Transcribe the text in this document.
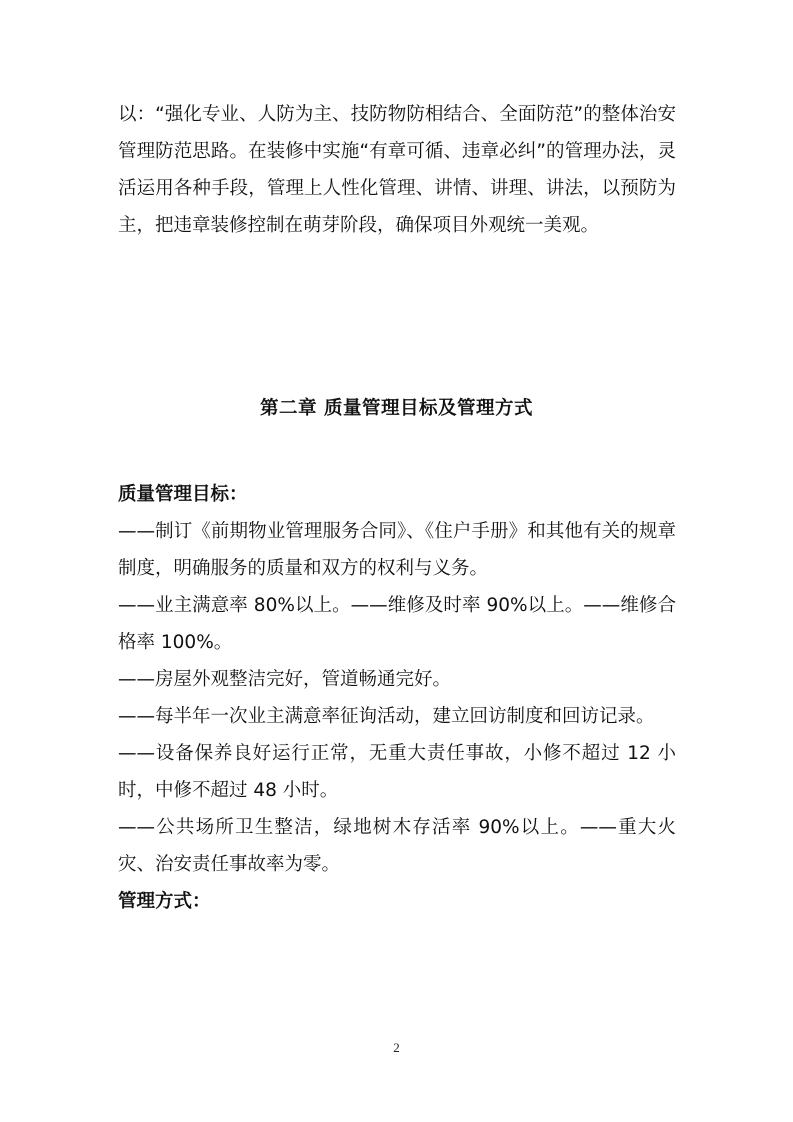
以：“强化专业、人防为主、技防物防相结合、全面防范”的整体治安管理防范思路。在装修中实施“有章可循、违章必纠”的管理办法，灵活运用各种手段，管理上人性化管理、讲情、讲理、讲法，以预防为主，把违章装修控制在萌芽阶段，确保项目外观统一美观。

第二章 质量管理目标及管理方式

质量管理目标：

——制订《前期物业管理服务合同》、《住户手册》和其他有关的规章制度，明确服务的质量和双方的权利与义务。

——业主满意率 80%以上。——维修及时率 90%以上。——维修合格率 100%。

——房屋外观整洁完好，管道畅通完好。

——每半年一次业主满意率征询活动，建立回访制度和回访记录。

——设备保养良好运行正常，无重大责任事故，小修不超过 12 小时，中修不超过 48 小时。

——公共场所卫生整洁，绿地树木存活率 90%以上。——重大火灾、治安责任事故率为零。

管理方式：

2
